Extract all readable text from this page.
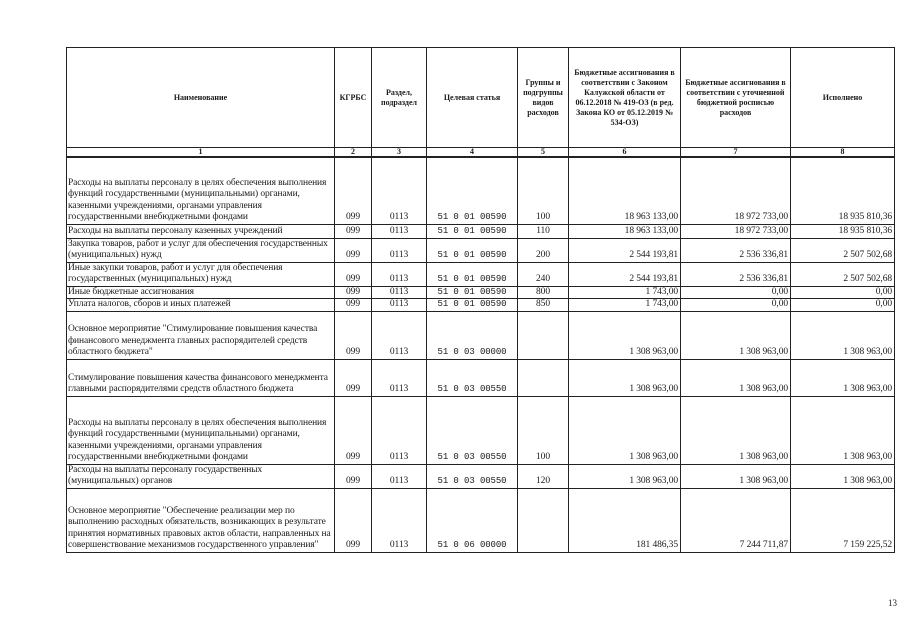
Наименование	КГРБС	Раздел, подраздел	Целевая статья	Группы и подгруппы видов расходов	Бюджетные ассигнования в соответствии с Законом Калужской области от 06.12.2018 № 419-ОЗ (в ред. Закона КО от 05.12.2019 № 534-ОЗ)	Бюджетные ассигнования в соответствии с уточненной бюджетной росписью расходов	Исполнено
1	2	3	4	5	6	7	8
Расходы на выплаты персоналу в целях обеспечения выполнения функций государственными (муниципальными) органами, казенными учреждениями, органами управления государственными внебюджетными фондами	099	0113	51 0 01 00590	100	18 963 133,00	18 972 733,00	18 935 810,36
Расходы на выплаты персоналу казенных учреждений	099	0113	51 0 01 00590	110	18 963 133,00	18 972 733,00	18 935 810,36
Закупка товаров, работ и услуг для обеспечения государственных (муниципальных) нужд	099	0113	51 0 01 00590	200	2 544 193,81	2 536 336,81	2 507 502,68
Иные закупки товаров, работ и услуг для обеспечения государственных (муниципальных) нужд	099	0113	51 0 01 00590	240	2 544 193,81	2 536 336,81	2 507 502,68
Иные бюджетные ассигнования	099	0113	51 0 01 00590	800	1 743,00	0,00	0,00
Уплата налогов, сборов и иных платежей	099	0113	51 0 01 00590	850	1 743,00	0,00	0,00
Основное мероприятие "Стимулирование повышения качества финансового менеджмента главных распорядителей средств областного бюджета"	099	0113	51 0 03 00000		1 308 963,00	1 308 963,00	1 308 963,00
Стимулирование повышения качества финансового менеджмента главными распорядителями средств областного бюджета	099	0113	51 0 03 00550		1 308 963,00	1 308 963,00	1 308 963,00
Расходы на выплаты персоналу в целях обеспечения выполнения функций государственными (муниципальными) органами, казенными учреждениями, органами управления государственными внебюджетными фондами	099	0113	51 0 03 00550	100	1 308 963,00	1 308 963,00	1 308 963,00
Расходы на выплаты персоналу государственных (муниципальных) органов	099	0113	51 0 03 00550	120	1 308 963,00	1 308 963,00	1 308 963,00
Основное мероприятие "Обеспечение реализации мер по выполнению расходных обязательств, возникающих в результате принятия нормативных правовых актов области, направленных на совершенствование механизмов государственного управления"	099	0113	51 0 06 00000		181 486,35	7 244 711,87	7 159 225,52
13
